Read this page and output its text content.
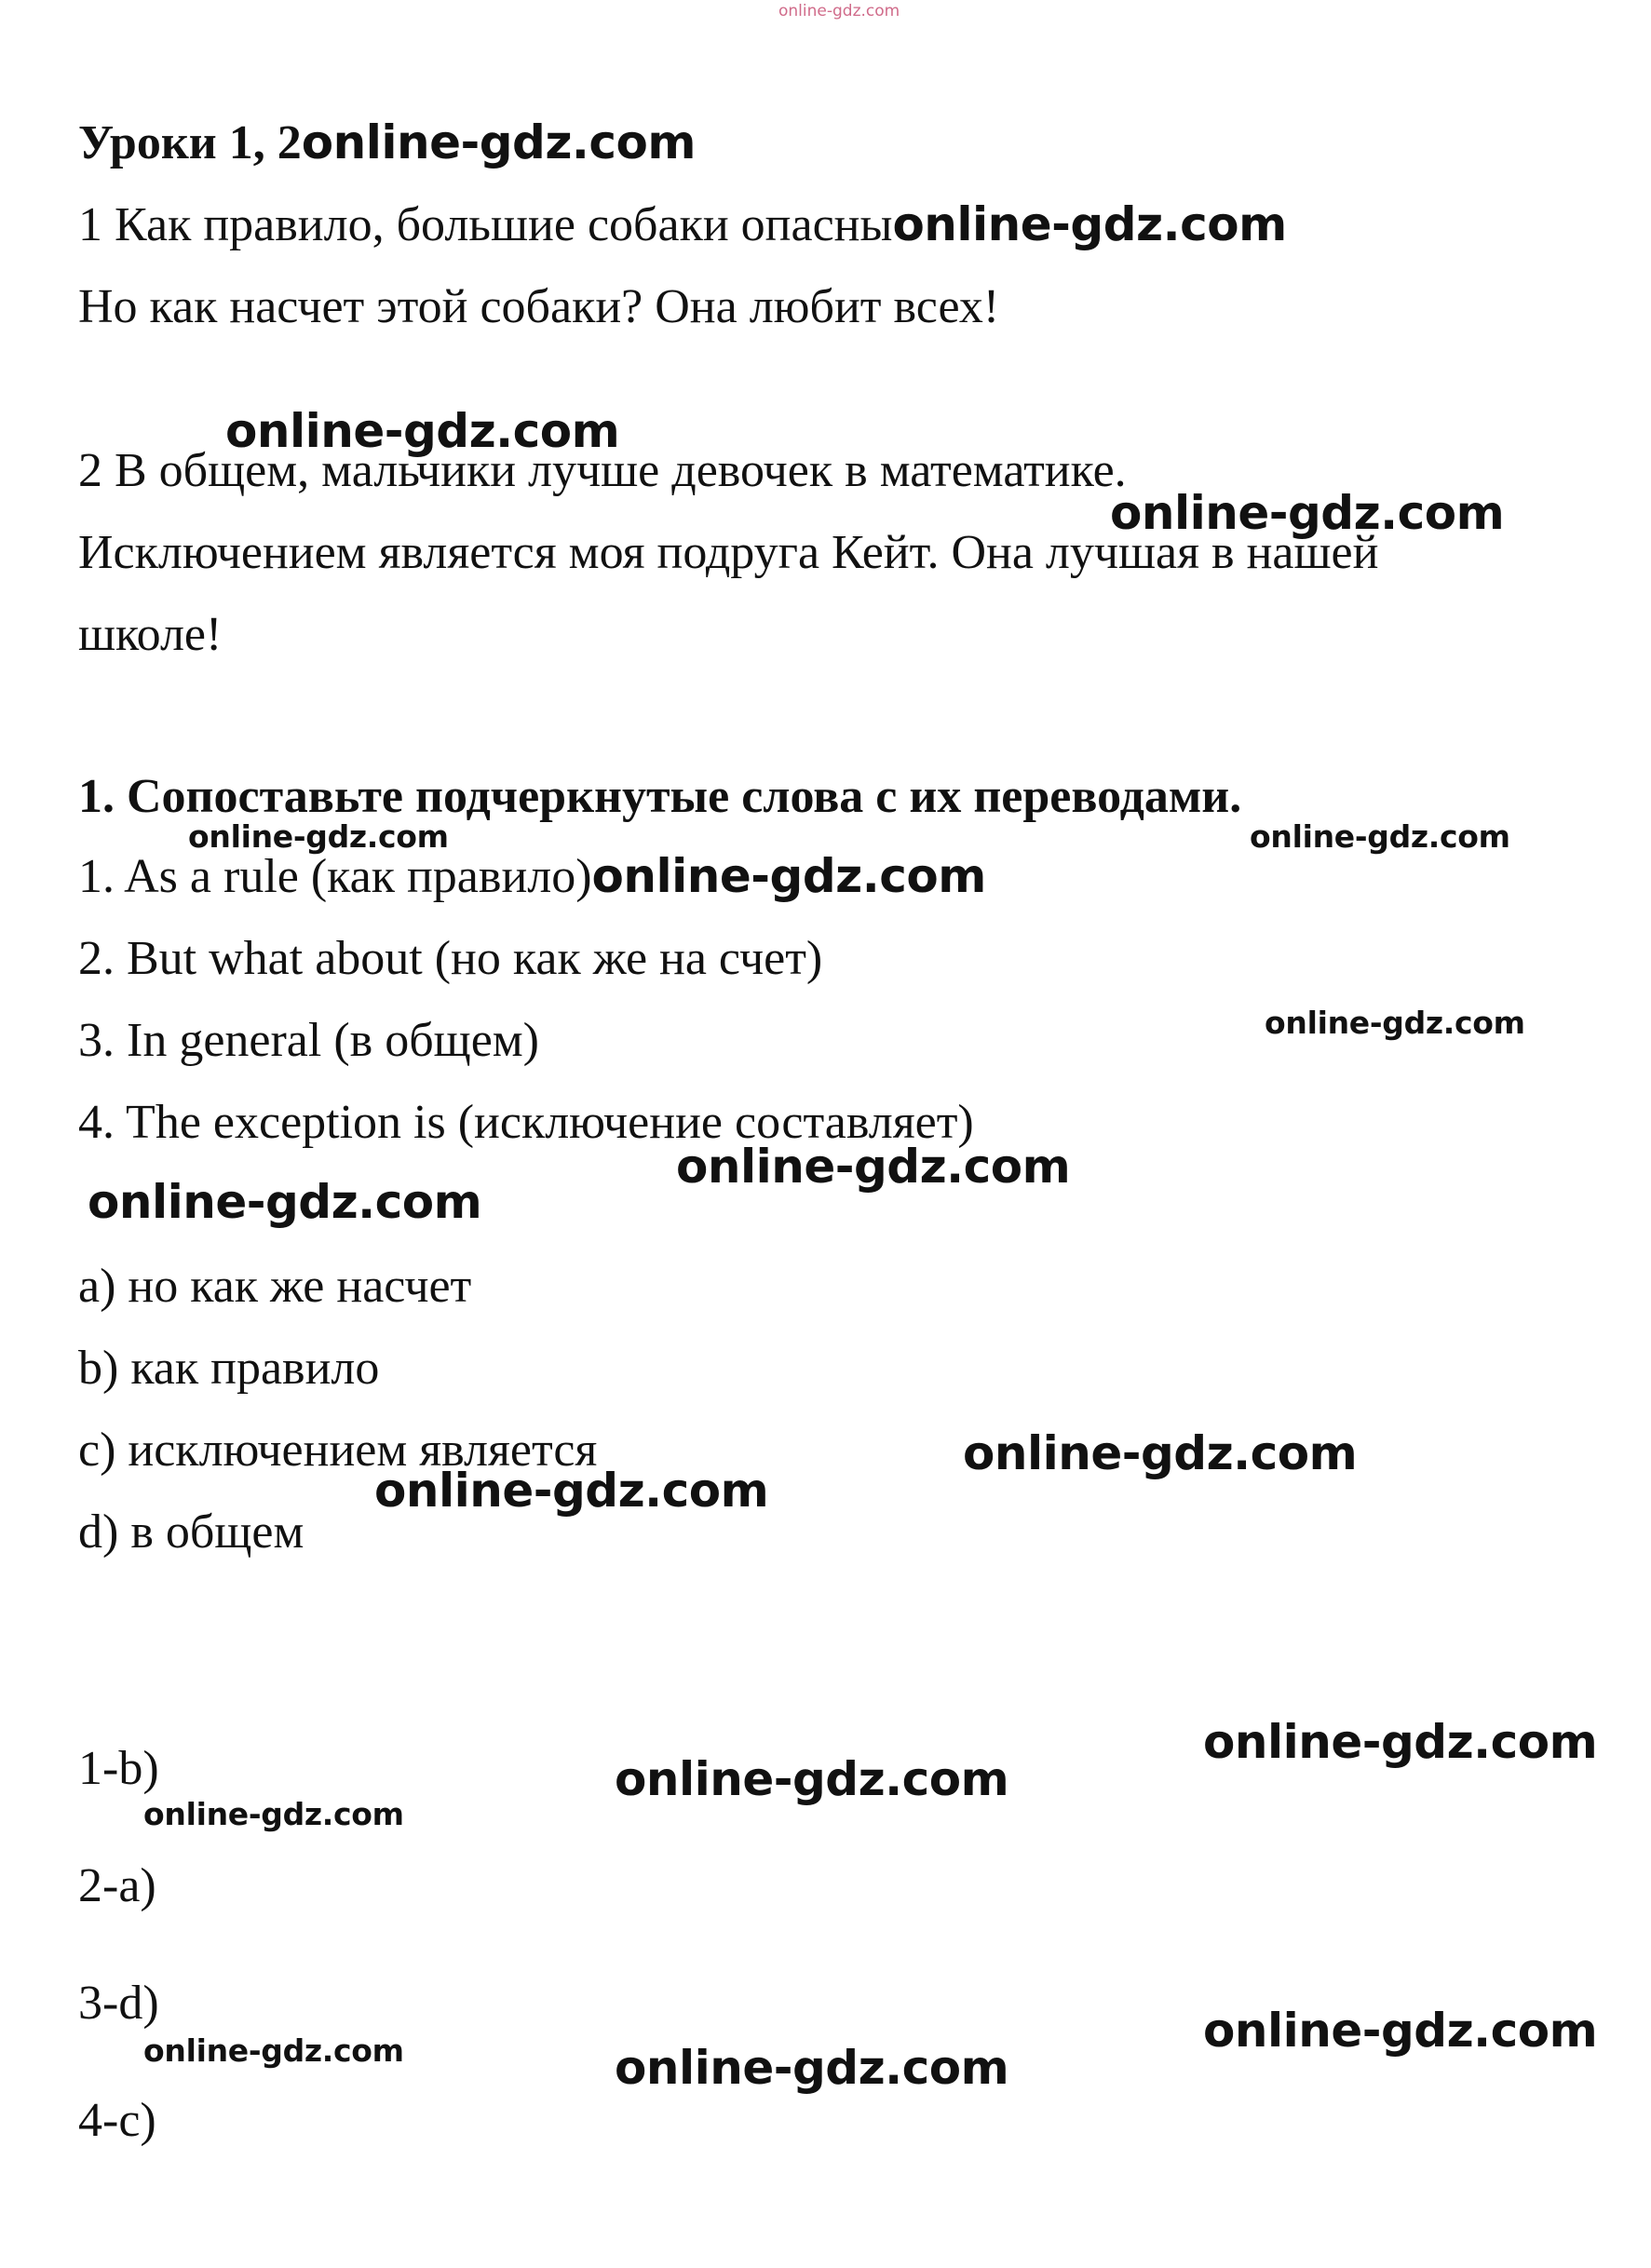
online-gdz.com
Уроки 1, 2online-gdz.com
1 Как правило, большие собаки опасныonline-gdz.com
Но как насчет этой собаки? Она любит всех!
online-gdz.com
2 В общем, мальчики лучше девочек в математике.
online-gdz.com
Исключением является моя подруга Кейт. Она лучшая в нашей
школе!
1. Сопоставьте подчеркнутые слова с их переводами.
online-gdz.com	online-gdz.com
1. As a rule (как правило)online-gdz.com
2. But what about (но как же на счет)
online-gdz.com
3. In general (в общем)
4. The exception is (исключение составляет)
online-gdz.com
online-gdz.com
a) но как же насчет
b) как правило
c) исключением является	online-gdz.com
online-gdz.com
d) в общем
online-gdz.com
1-b)	online-gdz.com
online-gdz.com
2-a)
3-d)
online-gdz.com
online-gdz.com
online-gdz.com
4-c)
